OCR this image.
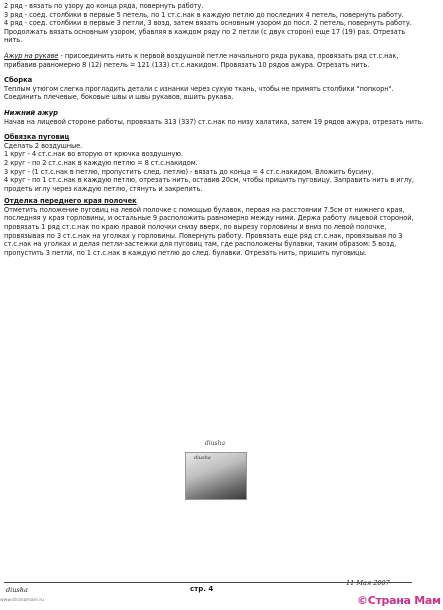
2 ряд - вязать по узору до конца ряда, повернуть работу.

3 ряд - соед. столбики в первые 5 петель, по 1 ст.с.нак в каждую петлю до последних 4 петель, повернуть работу.

4 ряд - соед. столбики в первые 3 петли, 3 возд, затем вязать основным узором до посл. 2 петель, повернуть работу.

Продолжать вязать основным узором, убавляя в каждом ряду по 2 петли (с двух сторон) еще 17 (19) раз. Отрезать нить.

Ажур на рукаве - присоединить нить к первой воздушной петле начального ряда рукава, провязать ряд ст.с.нак, прибавив равномерно 8 (12) петель = 121 (133) ст.с.накидом. Провязать 10 рядов ажура. Отрезать нить.

Сборка

Теплым утюгом слегка прогладить детали с изнанки через сухую ткань, чтобы не примять столбики "попкорн". Соединить плечевые, боковые швы и швы рукавов, вшить рукава.

Нижний ажур

Начав на лицевой стороне работы, провязать 313 (337) ст.с.нак по низу халатика, затем 19 рядов ажура, отрезать нить.

Обвязка пуговиц

Сделать 2 воздушные.

1 круг - 4 ст.с.нак во вторую от крючка воздушную.

2 круг - по 2 ст.с.нак в каждую петлю = 8 ст.с.накидом.

3 круг - (1 ст.с.нак в петлю, пропустить след. петлю) - вязать до конца = 4 ст.с.накидом. Вложить бусину.

4 круг - по 1 ст.с.нак в каждую петлю, отрезать нить, оставив 20см, чтобы пришить пуговицу. Заправить нить в иглу, продеть иглу через каждую петлю, стянуть и закрепить.

Отделка переднего края полочек

Отметить положение пуговиц на левой полочке с помощью булавок, первая на расстоянии 7.5см от нижнего края, последняя у края горловины, и остальные 9 расположить равномерно между ними. Держа работу лицевой стороной, провязать 1 ряд ст.с.нак по краю правой полочки снизу вверх, по вырезу горловины и вниз по левой полочке, провязывая по 3 ст.с.нак на уголках у горловины. Повернуть работу. Провязать еще ряд ст.с.нак, провязывая по 3 ст.с.нак на уголках и делая петли-застежки для пуговиц там, где расположены булавки, таким образом: 5 возд, пропустить 3 петли, по 1 ст.с.нак в каждую петлю до след. булавки. Отрезать нить, пришить пуговицы.

diusha
diusha
11 Мая 2007
diusha	стр. 4
www.stranamam.ru	©Страна Мам
